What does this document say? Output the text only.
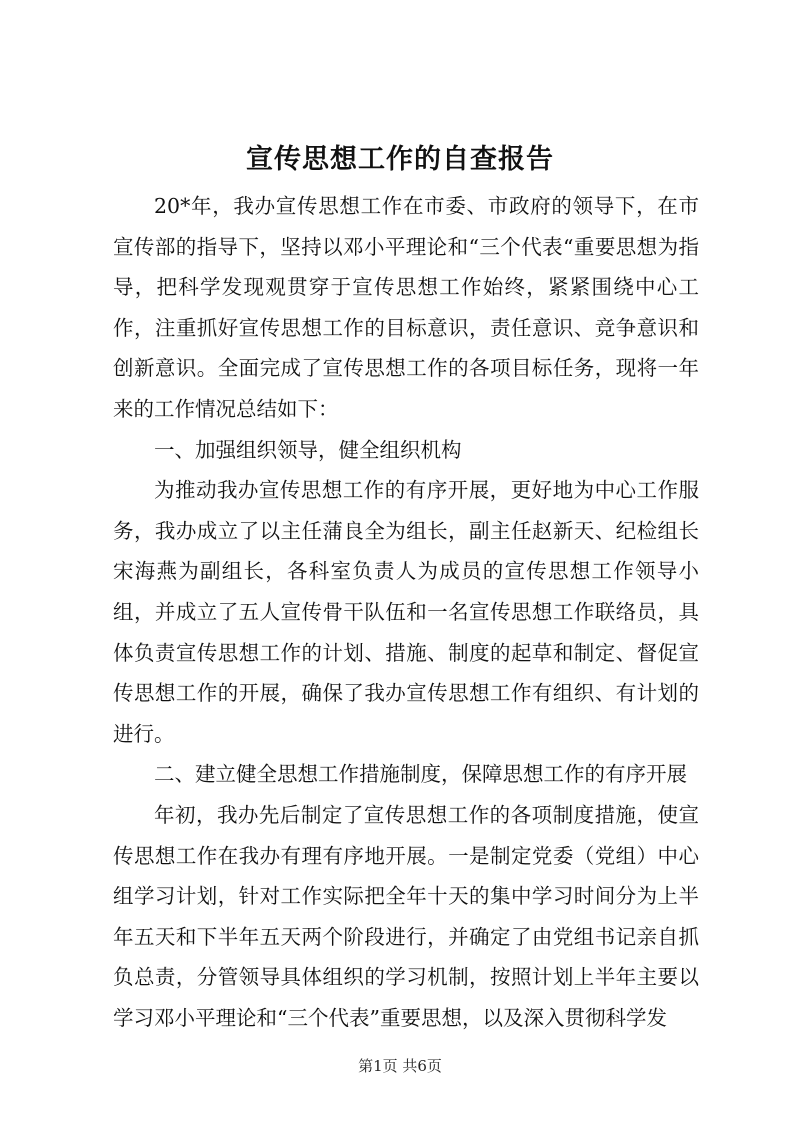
宣传思想工作的自查报告

20*年，我办宣传思想工作在市委、市政府的领导下，在市宣传部的指导下，坚持以邓小平理论和“三个代表“重要思想为指导，把科学发现观贯穿于宣传思想工作始终，紧紧围绕中心工作，注重抓好宣传思想工作的目标意识，责任意识、竞争意识和创新意识。全面完成了宣传思想工作的各项目标任务，现将一年来的工作情况总结如下：

一、加强组织领导，健全组织机构

为推动我办宣传思想工作的有序开展，更好地为中心工作服务，我办成立了以主任蒲良全为组长，副主任赵新天、纪检组长宋海燕为副组长，各科室负责人为成员的宣传思想工作领导小组，并成立了五人宣传骨干队伍和一名宣传思想工作联络员，具体负责宣传思想工作的计划、措施、制度的起草和制定、督促宣传思想工作的开展，确保了我办宣传思想工作有组织、有计划的进行。

二、建立健全思想工作措施制度，保障思想工作的有序开展

年初，我办先后制定了宣传思想工作的各项制度措施，使宣传思想工作在我办有理有序地开展。一是制定党委（党组）中心组学习计划，针对工作实际把全年十天的集中学习时间分为上半年五天和下半年五天两个阶段进行，并确定了由党组书记亲自抓负总责，分管领导具体组织的学习机制，按照计划上半年主要以学习邓小平理论和“三个代表”重要思想，以及深入贯彻科学发

第1页 共6页
